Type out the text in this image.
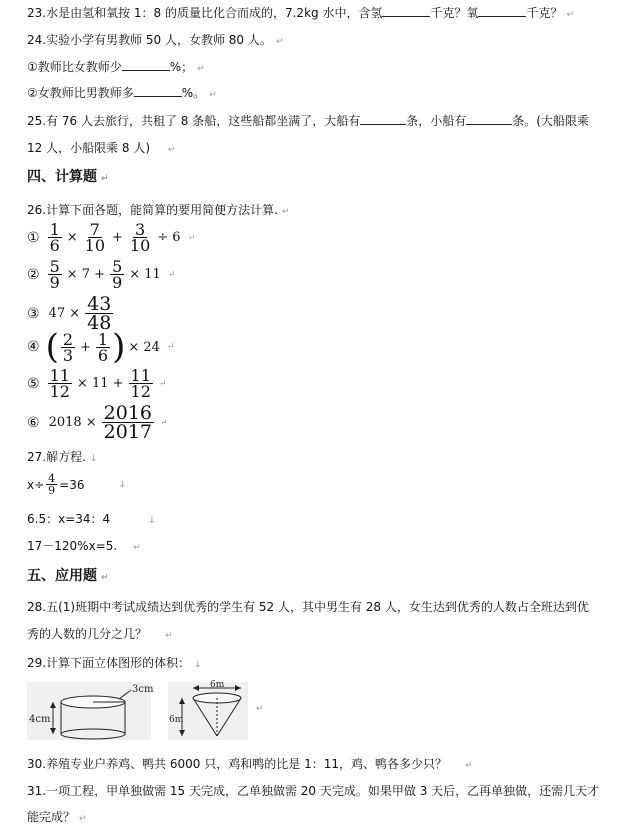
23.水是由氢和氧按 1：8 的质量比化合而成的，7.2kg 水中，含氢	千克？氧	千克？ ↵
24.实验小学有男教师 50 人，女教师 80 人。 ↵
①教师比女教师少	%； ↵
②女教师比男教师多	%。 ↵
25.有 76 人去旅行，共租了 8 条船，这些船都坐满了，大船有	条，小船有	条。(大船限乘
12 人，小船限乘 8 人) ↵
四、计算题 ↵
26.计算下面各题，能简算的要用简便方法计算. ↵
① $\frac{1}{6} \times \frac{7}{10} + \frac{3}{10} \div 6$ ↵
② $\frac{5}{9} \times 7 + \frac{5}{9} \times 11$ ↵
③ $47 \times \frac{43}{48}$
④ ( $\frac{2}{3} + \frac{1}{6}$ ) × 24 ↵
⑤ $\frac{11}{12} \times 11 + \frac{11}{12}$ ↵
⑥ $2018 \times \frac{2016}{2017}$ ↵
27.解方程. ↓
$x\div \frac{4}{9} =36$	↓
6.5：x=34：4	↓
17－120%x=5. ↵
五、应用题 ↵
28.五(1)班期中考试成绩达到优秀的学生有 52 人，其中男生有 28 人，女生达到优秀的人数占全班达到优
秀的人数的几分之几？ ↵
29.计算下面立体图形的体积： ↓
3cm
4cm
6m
6m
↵
30.养殖专业户养鸡、鸭共 6000 只，鸡和鸭的比是 1：11，鸡、鸭各多少只？ ↵
31.一项工程，甲单独做需 15 天完成，乙单独做需 20 天完成。如果甲做 3 天后，乙再单独做，还需几天才
能完成？ ↵
